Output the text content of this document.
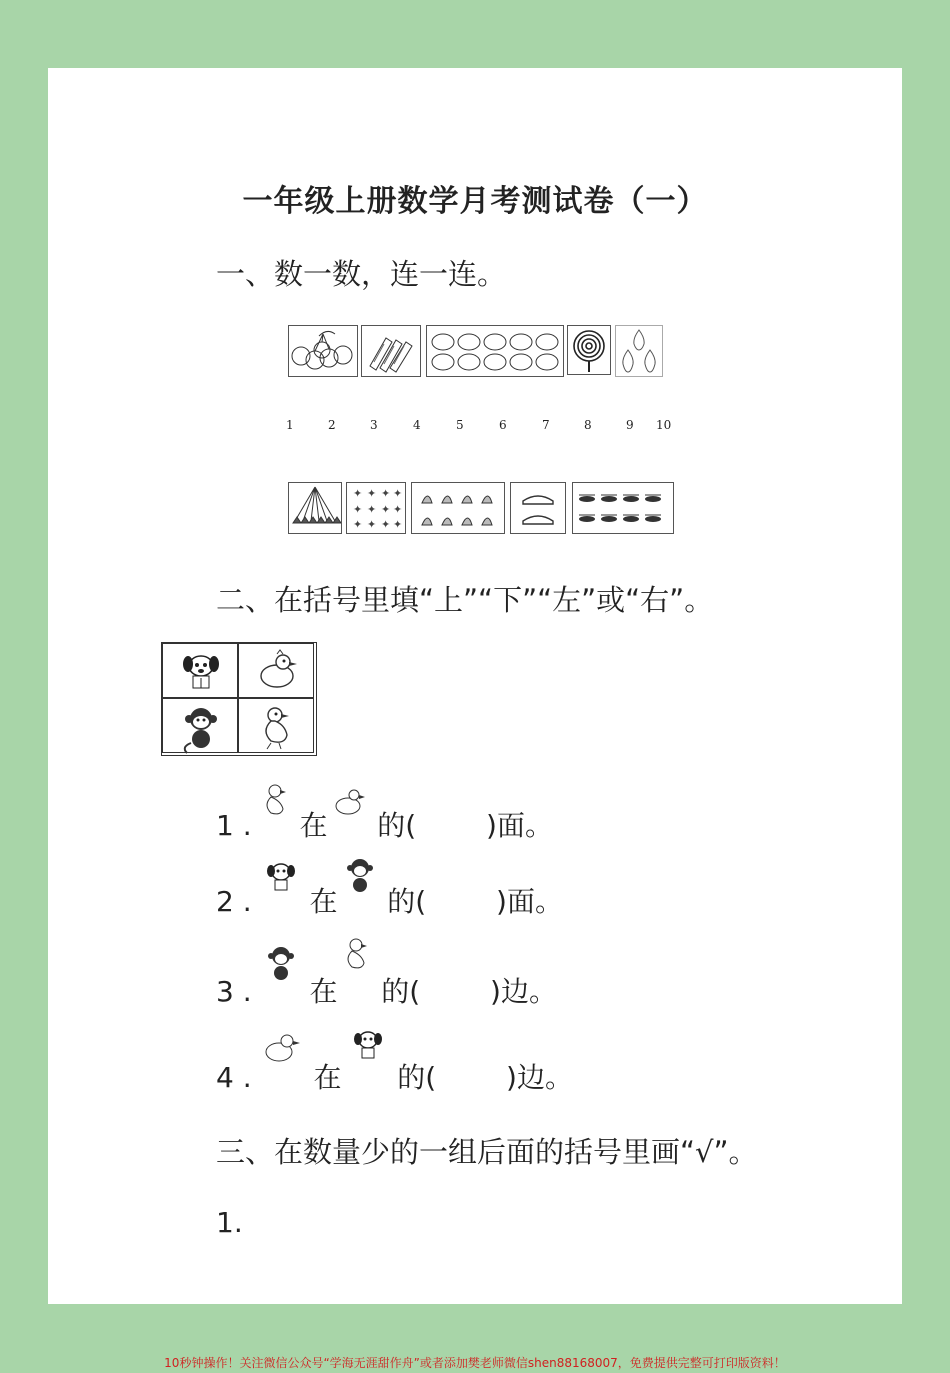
一年级上册数学月考测试卷（一）
一、数一数，连一连。
1	2	3	4	5	6	7	8	9 10
✦ ✦ ✦ ✦
✦ ✦ ✦ ✦
✦ ✦ ✦ ✦
二、在括号里填“上”“下”“左”或“右”。
1 . 在 的( )面。
2 . 在 的( )面。
3 . 在 的( )边。
4 . 在 的( )边。
三、在数量少的一组后面的括号里画“√”。
1.
10秒钟操作！关注微信公众号“学海无涯甜作舟”或者添加樊老师微信shen88168007，免费提供完整可打印版资料！
